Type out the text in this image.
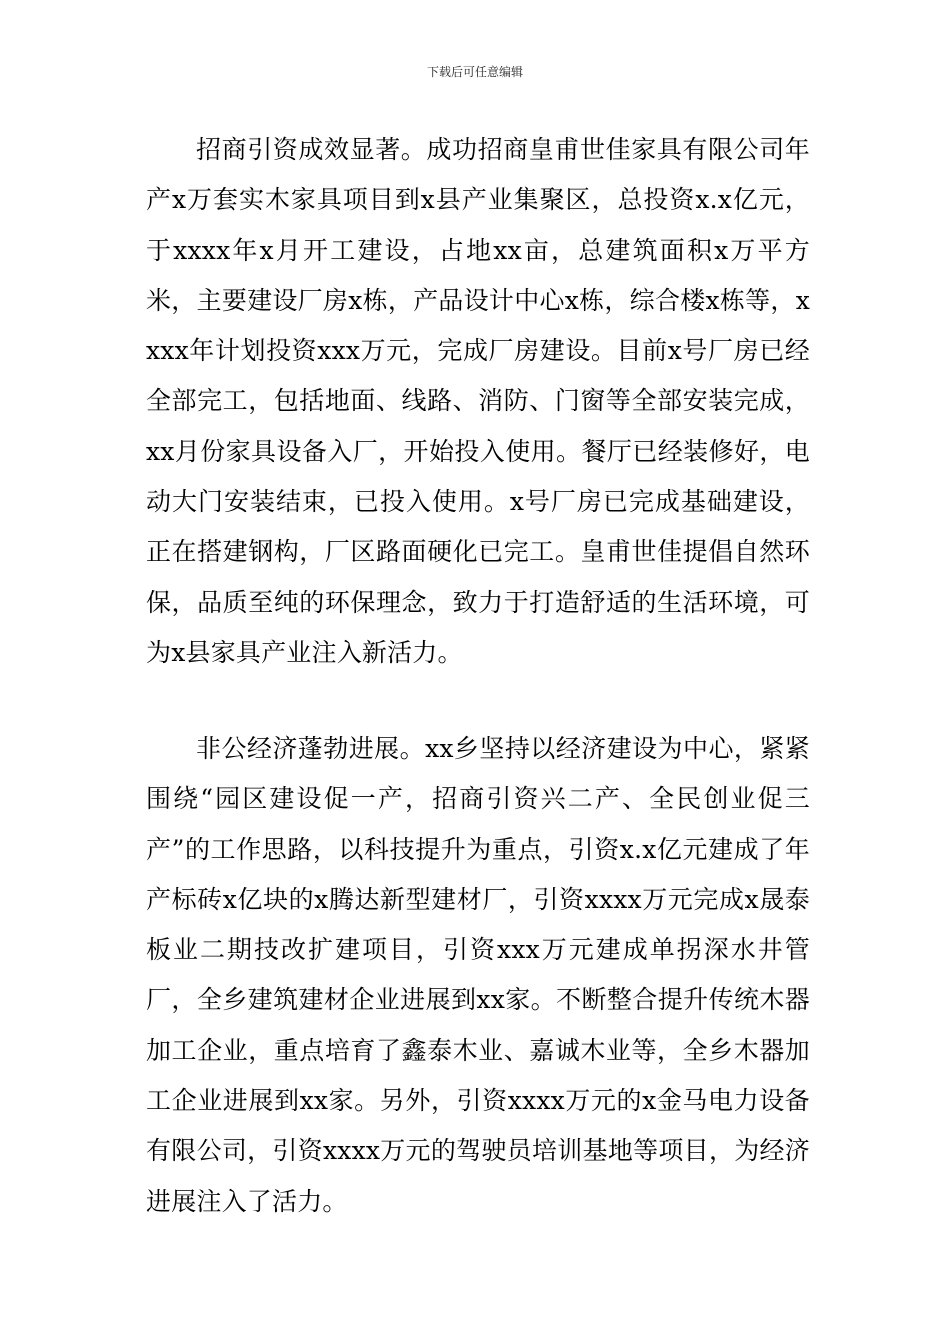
下载后可任意编辑

招商引资成效显著。成功招商皇甫世佳家具有限公司年产x万套实木家具项目到x县产业集聚区，总投资x.x亿元，于xxxx年x月开工建设，占地xx亩，总建筑面积x万平方米，主要建设厂房x栋，产品设计中心x栋，综合楼x栋等，xxxx年计划投资xxx万元，完成厂房建设。目前x号厂房已经全部完工，包括地面、线路、消防、门窗等全部安装完成，xx月份家具设备入厂，开始投入使用。餐厅已经装修好，电动大门安装结束，已投入使用。x号厂房已完成基础建设，正在搭建钢构，厂区路面硬化已完工。皇甫世佳提倡自然环保，品质至纯的环保理念，致力于打造舒适的生活环境，可为x县家具产业注入新活力。

非公经济蓬勃进展。xx乡坚持以经济建设为中心，紧紧围绕“园区建设促一产，招商引资兴二产、全民创业促三产”的工作思路，以科技提升为重点，引资x.x亿元建成了年产标砖x亿块的x腾达新型建材厂，引资xxxx万元完成x晟泰板业二期技改扩建项目，引资xxx万元建成单拐深水井管厂，全乡建筑建材企业进展到xx家。不断整合提升传统木器加工企业，重点培育了鑫泰木业、嘉诚木业等，全乡木器加工企业进展到xx家。另外，引资xxxx万元的x金马电力设备有限公司，引资xxxx万元的驾驶员培训基地等项目，为经济进展注入了活力。
